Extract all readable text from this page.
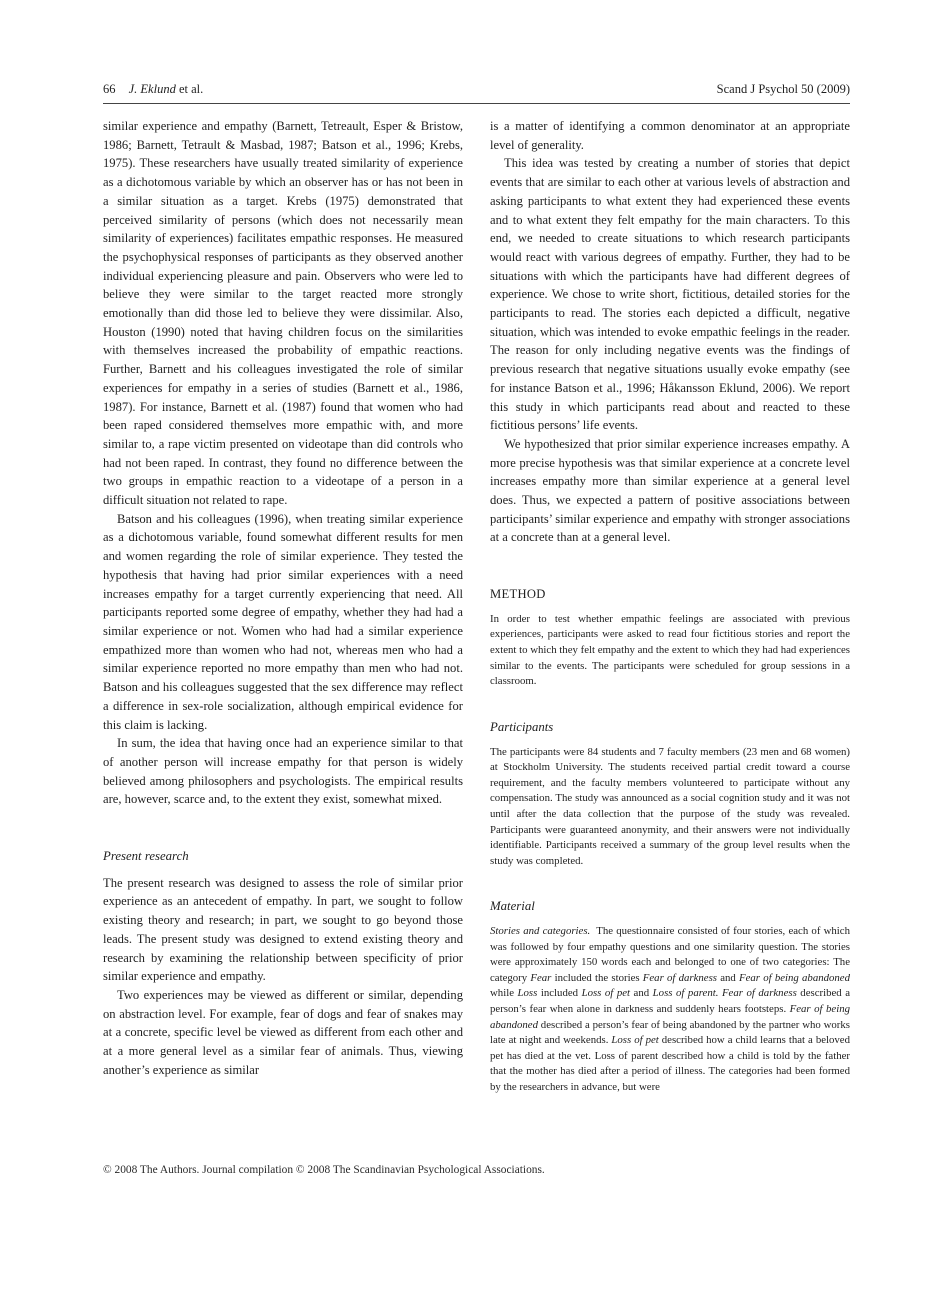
66 J. Eklund et al.	Scand J Psychol 50 (2009)

similar experience and empathy (Barnett, Tetreault, Esper & Bristow, 1986; Barnett, Tetrault & Masbad, 1987; Batson et al., 1996; Krebs, 1975). These researchers have usually treated similarity of experience as a dichotomous variable by which an observer has or has not been in a similar situation as a target. Krebs (1975) demonstrated that perceived similarity of persons (which does not necessarily mean similarity of experiences) facilitates empathic responses. He measured the psychophysical responses of participants as they observed another individual experiencing pleasure and pain. Observers who were led to believe they were similar to the target reacted more strongly emotionally than did those led to believe they were dissimilar. Also, Houston (1990) noted that having children focus on the similarities with themselves increased the probability of empathic reactions. Further, Barnett and his colleagues investigated the role of similar experiences for empathy in a series of studies (Barnett et al., 1986, 1987). For instance, Barnett et al. (1987) found that women who had been raped considered themselves more empathic with, and more similar to, a rape victim presented on videotape than did controls who had not been raped. In contrast, they found no difference between the two groups in empathic reaction to a videotape of a person in a difficult situation not related to rape.

Batson and his colleagues (1996), when treating similar experience as a dichotomous variable, found somewhat different results for men and women regarding the role of similar experience. They tested the hypothesis that having had prior similar experiences with a need increases empathy for a target currently experiencing that need. All participants reported some degree of empathy, whether they had had a similar experience or not. Women who had had a similar experience empathized more than women who had not, whereas men who had a similar experience reported no more empathy than men who had not. Batson and his colleagues suggested that the sex difference may reflect a difference in sex-role socialization, although empirical evidence for this claim is lacking.

In sum, the idea that having once had an experience similar to that of another person will increase empathy for that person is widely believed among philosophers and psychologists. The empirical results are, however, scarce and, to the extent they exist, somewhat mixed.

Present research

The present research was designed to assess the role of similar prior experience as an antecedent of empathy. In part, we sought to follow existing theory and research; in part, we sought to go beyond those leads. The present study was designed to extend existing theory and research by examining the relationship between specificity of prior similar experience and empathy.

Two experiences may be viewed as different or similar, depending on abstraction level. For example, fear of dogs and fear of snakes may at a concrete, specific level be viewed as different from each other and at a more general level as a similar fear of animals. Thus, viewing another’s experience as similar

is a matter of identifying a common denominator at an appropriate level of generality.

This idea was tested by creating a number of stories that depict events that are similar to each other at various levels of abstraction and asking participants to what extent they had experienced these events and to what extent they felt empathy for the main characters. To this end, we needed to create situations to which research participants would react with various degrees of empathy. Further, they had to be situations with which the participants have had different degrees of experience. We chose to write short, fictitious, detailed stories for the participants to read. The stories each depicted a difficult, negative situation, which was intended to evoke empathic feelings in the reader. The reason for only including negative events was the findings of previous research that negative situations usually evoke empathy (see for instance Batson et al., 1996; Håkansson Eklund, 2006). We report this study in which participants read about and reacted to these fictitious persons’ life events.

We hypothesized that prior similar experience increases empathy. A more precise hypothesis was that similar experience at a concrete level increases empathy more than similar experience at a general level does. Thus, we expected a pattern of positive associations between participants’ similar experience and empathy with stronger associations at a concrete than at a general level.

METHOD

In order to test whether empathic feelings are associated with previous experiences, participants were asked to read four fictitious stories and report the extent to which they felt empathy and the extent to which they had had experiences similar to the events. The participants were scheduled for group sessions in a classroom.

Participants

The participants were 84 students and 7 faculty members (23 men and 68 women) at Stockholm University. The students received partial credit toward a course requirement, and the faculty members volunteered to participate without any compensation. The study was announced as a social cognition study and it was not until after the data collection that the purpose of the study was revealed. Participants were guaranteed anonymity, and their answers were not individually identifiable. Participants received a summary of the group level results when the study was completed.

Material

Stories and categories. The questionnaire consisted of four stories, each of which was followed by four empathy questions and one similarity question. The stories were approximately 150 words each and belonged to one of two categories: The category Fear included the stories Fear of darkness and Fear of being abandoned while Loss included Loss of pet and Loss of parent. Fear of darkness described a person’s fear when alone in darkness and suddenly hears footsteps. Fear of being abandoned described a person’s fear of being abandoned by the partner who works late at night and weekends. Loss of pet described how a child learns that a beloved pet has died at the vet. Loss of parent described how a child is told by the father that the mother has died after a period of illness. The categories had been formed by the researchers in advance, but were

© 2008 The Authors. Journal compilation © 2008 The Scandinavian Psychological Associations.
